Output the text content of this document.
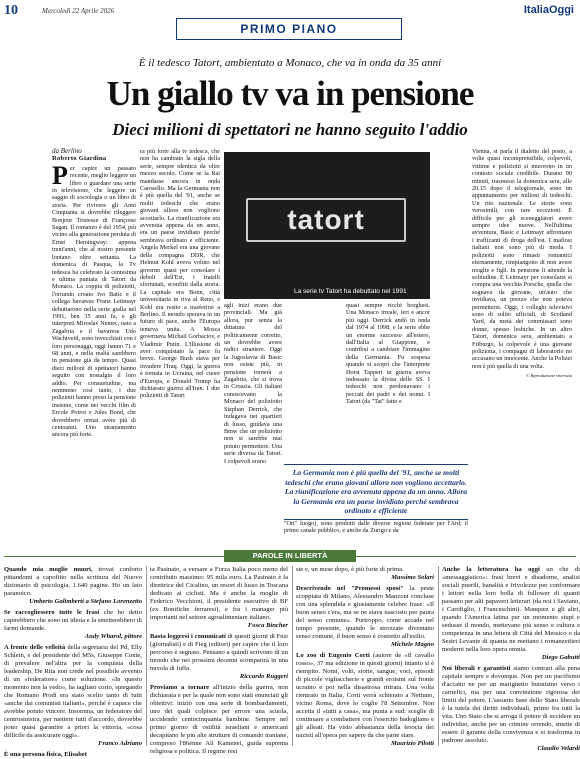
10	Mercoledì 22 Aprile 2026	ItaliaOggi
PRIMO PIANO
È il tedesco Tatort, ambientato a Monaco, che va in onda da 35 anni
Un giallo tv va in pensione
Dieci milioni di spettatori ne hanno seguito l'addio
da Berlino
Roberto Giardina
P er capire un passato recente, meglio leggere un libro o guardare una serie in televisione, che leggere un saggio di sociologia o un libro di storia. Per rivivere gli Anni Cinquanta si dovrebbe rileggere Bonjour Tristesse di Françoise Sagan. Il romanzo è del 1954, più vicino alla generazione perduta di Ernst Hemingway: appena trent'anni, che al nostro presente lontano oltre settanta. La domenica di Pasqua, la Tv tedesca ha celebrato la centesima e ultima puntata di Tatort da Monaco. La coppia di poliziotti, l'oriundo croato Ivo Batic e il collega bavarese Franz Leitmayr debuttarono nella serie gialla nel 1991, ben 35 anni fa, e gli interpreti Miroslav Nemec, nato a Zagabria e il bavarese Udo Wachtveitl, sono invecchiati con i loro personaggi, oggi hanno 71 e 68 anni, e nella realtà sarebbero in pensione già da tempo. Quasi dieci milioni di spettatori hanno seguito con nostalgia il loro addio. Per consuetudine, ma nemmeno così tanto, i due poliziotti hanno preso la pensione insieme, come nei vecchi film di Ercole Poirot e Jules Bond, che dovrebbero ormai avere più di centoanni. Uno straniamento ancora più forte.
ra più forte alla tv tedesca, che non ha cambiato la sigla della serie, sempre identica da oltre mezzo secolo. Come se la Rai mandasse ancora in onda Carosello. Ma la Germania non è più quella del '91, anche se molti tedeschi che erano giovani allora non vogliono accettarlo. La riunificazione era avvenuta appena da un anno, era un paese invidiato perché sembrava ordinato e efficiente. Angela Merkel era una giovane della compagna DDR, che Helmut Kohl aveva voluto nel governo quasi per consolare i deboli dell'Est, i fratelli sfortunati, sconfitti dalla storia. La capitale era Bonn, città universitaria in riva al Reno, e Kohl era restio a trasferirsi a Berlino. Il mondo sperava in un futuro di pace, anche l'Europa temeva unita. A Mosca governava Michail Gorbaciov, e Vladimir Putin. L'illusione di aver conquistato la pace fu breve. George Bush stava per invadere l'Iraq. Oggi, la guerra è tornata in Ucraina, nel cuore d'Europa, e Donald Trump ha dichiarato guerra all'Iran. I due poliziotti di Tatort
tatort
La serie tv Tatort ha debuttato nel 1991
agli inizi erano due provinciali. Ma già allora, pur senza la dittatura del politicamente corretto, un dovrebbe avere radici straniere. Oggi la Jugoslavia di Basic non esiste più, in pensione tornerà a Zagabria, che si trova in Croazia. Gli italiani conoscevano la Monaco del poliziotto Stephan Derrick, che indagava nei quartieri di lusso, guidava una Bmw che un poliziotto non si sarebbe mai potuto permettere. Una serie diversa da Tatort. I colpevoli erano
quasi sempre ricchi borghesi. Una Monaco irreale, ieri e ancor più oggi. Derrick andò in onda dal 1974 al 1998, e la serie ebbe un enorme successo all'estero, dall'Italia al Giappone, e contribuì a cambiare l'immagine della Germania. Fu sospesa quando si scoprì che l'interprete Horst Tappert in guerra aveva indossato la divisa delle SS. I tedeschi non perdonavano i peccati dei padri e dei nonni. I Tatort (da "Tat" fatto e
La Germania non è più quella del '91, anche se molti tedeschi che erano giovani allora non vogliono accettarlo. La riunificazione era avvenuta appena da un anno. Allora la Germania era un paese invidiato perché sembrava ordinato e efficiente
"Ort" luogo), sono prodotti dalle diverse regioni federate per l'Ard; il primo canale pubblico, e anche da Zurigo e da
Vienna, si parla il dialetto del posto, a volte quasi incomprensibile, colpevoli, vittime e poliziotti si muovono in un contesto sociale credibile. Durano 90 minuti, trasmessi la domenica sera, alle 20.15 dopo il telegiornale, sono un appuntamento per milioni di tedeschi. Un rito nazionale. Le storie sono verosimili, con rare eccezioni. È difficile per gli sceneggiatori avere sempre idee nuove. Nell'ultima avventura, Basic e Leitmayr affrontano i trafficanti di droga dell'est. I mafiosi italiani non sono più di moda. I poliziotti sono rimasti romantici eternamente, rimpiangono di non avere moglie e figli. In pensione li attende la solitudine. E Leitmayr per consolarsi si compra una vecchia Porsche, quella che sognava da giovane, un'auto che invidiava, un prezzo che non poteva permettersi. Oggi, i colleghi televisivi sono di solito ufficiali, di Scotland Yard, da metà dei commissari sono donne, spesso lesbiche. In un altro Tatort, domenica sera, ambientato a Friburgo, la colpevole è una giovane poliziotta, i compagni di laboratorio no accusano un innocente. Anche la Polizei non è più quella di una volta.
© Riproduzione riservata
PAROLE IN LIBERTÀ

Quando mia moglie muori, trovai conforto pittandomi a capofitto nella scrittura del Nuovo dizionario di psicologia, 1.640 pagine. Ho un lato paranoico.

Umberto Galimberti a Stefano Lorenzetto

Se raccogliessero tutte le frasi che ho detto capirebbero che sono un idiota e la smetterebbero di farmi domande.

Andy Wharol, pittore

A fronte delle velleità della segretaria del Pd, Elly Schlein, e del presidente del M5s, Giuseppe Conte, di prevalere nel'altra per la conquista della leadership, De Rita non crede nel possibile avvento di un «federatore» come soluzione. «In questo momento non la vedo», ha tagliato corto, spiegando che Romano Prodi era stato scelto tanto di tutti «anche dai comunisti italiani», perché è capace che avrebbe potuto vincere. Insomma, un federatore del centrosinistra, per mettere tutti d'accordo, dovrebbe poter quasi garantire a priori la vittoria, «cosa difficile da assicurare oggi».

Franco Adriano

È una persona fisica, Elisabet

ta Pasinato, a versare a Forza Italia poco meno del contributo massimo: 95 mila euro. La Pasinato è la direttrice del Cicalino, un resort di lusso in Toscana dedicato ai ciclisti. Ma è anche la moglie di Federico Vecchioni, il presidente esecutivo di BF (ex Bonifiche ferraresi), e fra i manager più importanti nel settore agroalimentare italiano.

Fosca Bincher

Basta leggersi i comunicati di questi giorni di Fnsi (giornalisti) e di Fieg (editori) per capire che il loro percorso è segnato. Pensano a quindi scrivono di un mondo che nei prossimi decenni scomparirà in una nuvola di fuffa.

Riccardo Ruggeri

Proviamo a tornare all'inizio della guerra, non dichiarata e per la quale non sono stati enunciati gli obiettivi: iniziò con una serie di bombardamenti, uno dei quali colpisce per errore una scuola, uccidendo centocinquanta bambine. Sempre nel primo giorno di ostilità israeliani e americani decapitano le più alte strutture di comando iraniane, compreso l'86enne Ali Kamenei, guida suprema religiosa e politica. Il regime resi

ste e, un mese dopo, è più forte di prima.

Massimo Solari

Descrivendo nel "Promessi sposi" la peste scoppiata di Milano, Alessandro Manzoni concluse con una splendida e giustamente celebre frase: «Il buon senso c'era, ma se ne stava nascosto per paura del senso comune». Purtroppo, come accade nel tempo presente, quando le strozzate diventano senso comune, il buon senso è costretto all'esilio.

Michele Magno

Lo zoo di Eugenio Corti (autore de «Il cavallo rosso», 37 ma edizione in questi giorni) intanto si è riempito. Nomi, volti, storie, sangue, voci, episodi di piccole vigliaccherie e grandi eroismi sul fronte ucraino e poi nella disastrosa ritirata. Una volta rientrato in Italia, Corti verrà schierato a Nettuno, vicino Roma, dove lo coglie l'8 Settembre. Non accetta il «tutti a casa», ma punta a sud: sceglie di continuare a combattere con l'esercito badogliano e gli alleati. Ha visto abbastanza della ferocia dei nazisti all'opera per sapere da che parte stare.

Maurizio Pilotti

Anche la letteratura ha oggi un che di «messaggistico»: frasi brevi e disadorne, analisi sociali puerili, banalità e frivolezze per conformare i lettori nella loro bolla di follower di quanti passano per alti papaveri letterari (da noi i Saviano, i Carofiglio, i Franceschini). Manquez e gli altri, quando l'America latina per un momento stupì e sedusse il mondo, mettevano più senso e cultura e competenza in una lettera di Città del Messico o da Sestri Levante di quanta ne mettano i romanzettieri moderni nella loro opera omnia.

Diego Gabutti

Noi liberali e garantisti siamo contrari alla pena capitale sempre e dovunque. Non per un pacifismo d'accatto ne per un marignetto buonismo verso i carnefici, ma per una convinzione rigorosa dei limiti del potere. L'assunto base dello Stato liberale è la tutela dei diritti individuali, primo fra tutti la vita. Uno Stato che si arroga il potere di uccidere un individuo, anche per un crimine orrendo, smette di essere il garante della convivenza e si trasforma in padrone assoluto.

Claudio Velardi
